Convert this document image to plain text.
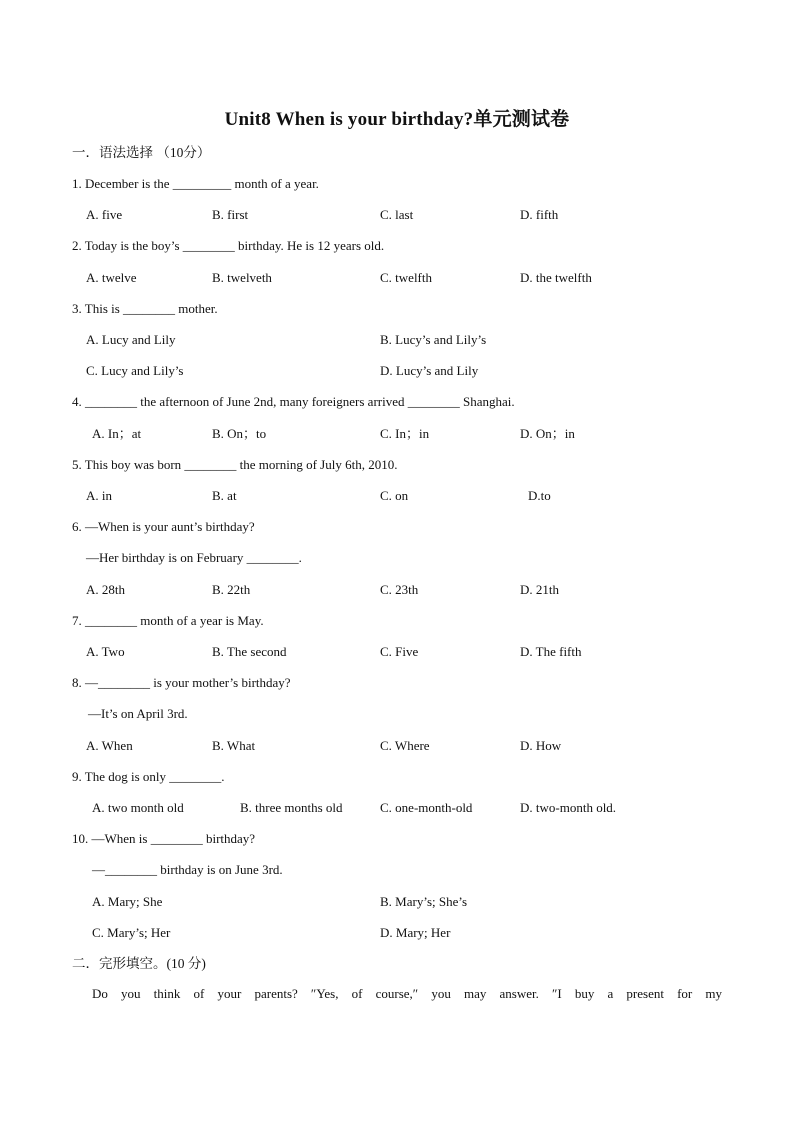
Unit8 When is your birthday?单元测试卷
一．语法选择 （10分）
1. December is the _________ month of a year.
A. five	B. first	C. last	D. fifth
2. Today is the boy’s ________ birthday. He is 12 years old.
A. twelve	B. twelveth	C. twelfth	D. the twelfth
3. This is ________ mother.
A. Lucy and Lily	B. Lucy’s and Lily’s
C. Lucy and Lily’s	D. Lucy’s and Lily
4. ________ the afternoon of June 2nd, many foreigners arrived ________ Shanghai.
A. In；at	B. On；to	C. In；in	D. On；in
5. This boy was born ________ the morning of July 6th, 2010.
A. in	B. at	C. on	D.to
6. —When is your aunt’s birthday?
—Her birthday is on February ________.
A. 28th	B. 22th	C. 23th	D. 21th
7. ________ month of a year is May.
A. Two	B. The second	C. Five	D. The fifth
8. —________ is your mother’s birthday?
—It’s on April 3rd.
A. When	B. What	C. Where	D. How
9. The dog is only ________.
A. two month old	B. three months old	C. one-month-old	D. two-month old.
10. —When is ________ birthday?
—________ birthday is on June 3rd.
A. Mary; She	B. Mary’s; She’s
C. Mary’s; Her	D. Mary; Her
二．完形填空。(10 分)
Do you think of your parents? ″Yes, of course,″ you may answer. ″I buy a present for my
